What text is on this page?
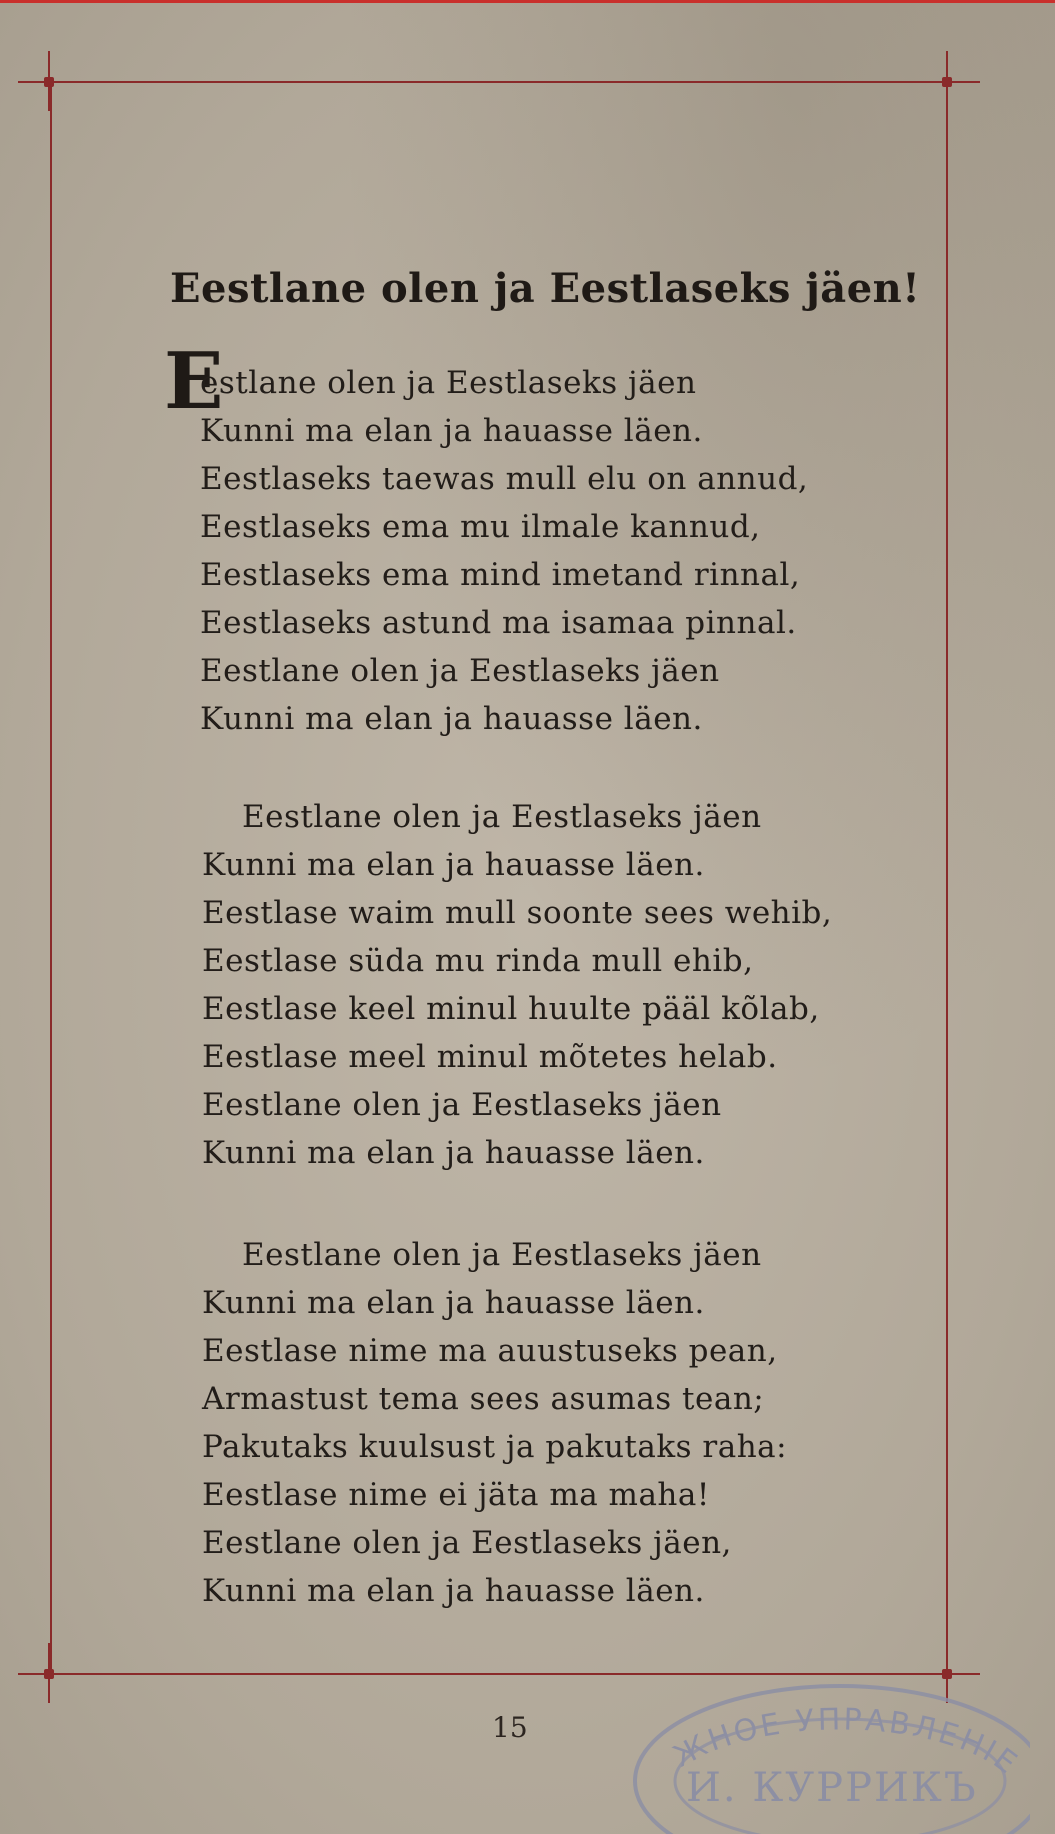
Eestlane olen ja Eestlaseks jäen!
E
estlane olen ja Eestlaseks jäen
Kunni ma elan ja hauasse läen.
Eestlaseks taewas mull elu on annud,
Eestlaseks ema mu ilmale kannud,
Eestlaseks ema mind imetand rinnal,
Eestlaseks astund ma isamaa pinnal.
Eestlane olen ja Eestlaseks jäen
Kunni ma elan ja hauasse läen.
Eestlane olen ja Eestlaseks jäen
Kunni ma elan ja hauasse läen.
Eestlase waim mull soonte sees wehib,
Eestlase süda mu rinda mull ehib,
Eestlase keel minul huulte pääl kõlab,
Eestlase meel minul mõtetes helab.
Eestlane olen ja Eestlaseks jäen
Kunni ma elan ja hauasse läen.
Eestlane olen ja Eestlaseks jäen
Kunni ma elan ja hauasse läen.
Eestlase nime ma auustuseks pean,
Armastust tema sees asumas tean;
Pakutaks kuulsust ja pakutaks raha:
Eestlase nime ei jäta ma maha!
Eestlane olen ja Eestlaseks jäen,
Kunni ma elan ja hauasse läen.
15	ЖНОЕ УПРАВЛЕНIE
И. КУРРИКЪ
